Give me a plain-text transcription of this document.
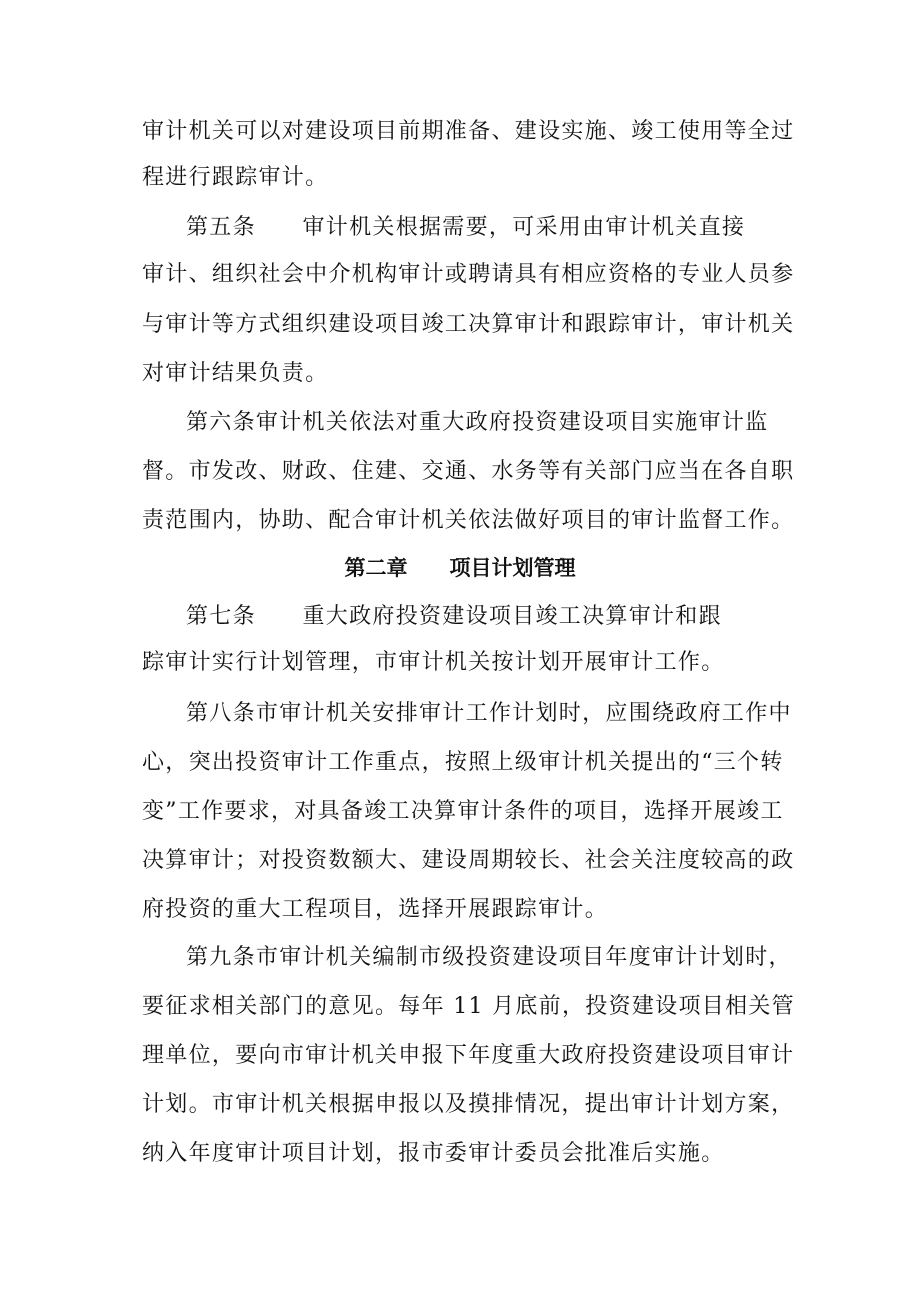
审计机关可以对建设项目前期准备、建设实施、竣工使用等全过
程进行跟踪审计。
第五条　　审计机关根据需要，可采用由审计机关直接
审计、组织社会中介机构审计或聘请具有相应资格的专业人员参
与审计等方式组织建设项目竣工决算审计和跟踪审计，审计机关
对审计结果负责。
第六条审计机关依法对重大政府投资建设项目实施审计监
督。市发改、财政、住建、交通、水务等有关部门应当在各自职
责范围内，协助、配合审计机关依法做好项目的审计监督工作。
第二章　　项目计划管理
第七条　　重大政府投资建设项目竣工决算审计和跟
踪审计实行计划管理，市审计机关按计划开展审计工作。
第八条市审计机关安排审计工作计划时，应围绕政府工作中
心，突出投资审计工作重点，按照上级审计机关提出的“三个转
变”工作要求，对具备竣工决算审计条件的项目，选择开展竣工
决算审计；对投资数额大、建设周期较长、社会关注度较高的政
府投资的重大工程项目，选择开展跟踪审计。
第九条市审计机关编制市级投资建设项目年度审计计划时，
要征求相关部门的意见。每年 11 月底前，投资建设项目相关管
理单位，要向市审计机关申报下年度重大政府投资建设项目审计
计划。市审计机关根据申报以及摸排情况，提出审计计划方案，
纳入年度审计项目计划，报市委审计委员会批准后实施。
